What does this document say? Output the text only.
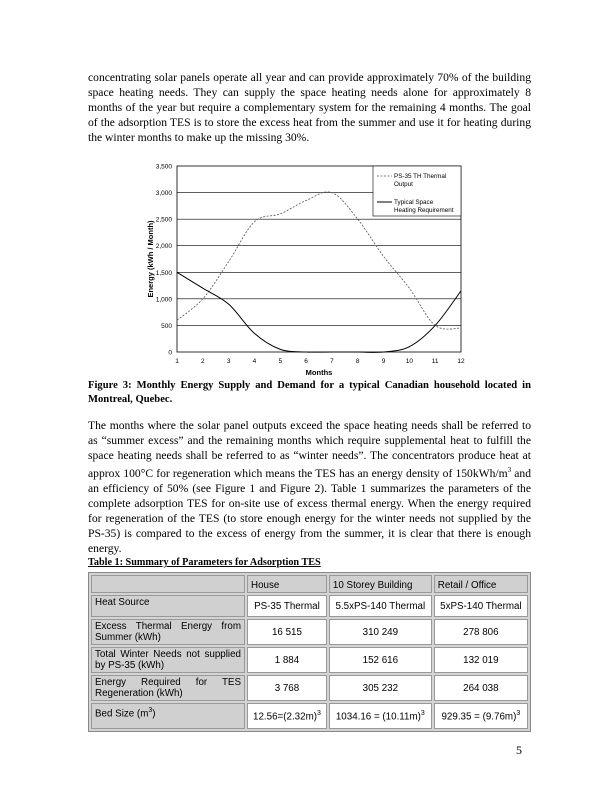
concentrating solar panels operate all year and can provide approximately 70% of the building space heating needs. They can supply the space heating needs alone for approximately 8 months of the year but require a complementary system for the remaining 4 months. The goal of the adsorption TES is to store the excess heat from the summer and use it for heating during the winter months to make up the missing 30%.

0
500
1,000
1,500
2,000
2,500
3,000
3,500
1	2	3	4	5	6	7	8	9	10	11	12
Energy (kWh / Month)
Months
PS-35 TH Thermal
Output
Typical Space
Heating Requirement

Figure 3: Monthly Energy Supply and Demand for a typical Canadian household located in Montreal, Quebec.

The months where the solar panel outputs exceed the space heating needs shall be referred to as “summer excess” and the remaining months which require supplemental heat to fulfill the space heating needs shall be referred to as “winter needs”. The concentrators produce heat at approx 100°C for regeneration which means the TES has an energy density of $150kWh/m^3$ and an efficiency of 50% (see Figure 1 and Figure 2). Table 1 summarizes the parameters of the complete adsorption TES for on-site use of excess thermal energy. When the energy required for regeneration of the TES (to store enough energy for the winter needs not supplied by the PS-35) is compared to the excess of energy from the summer, it is clear that there is enough energy.

Table 1: Summary of Parameters for Adsorption TES

	House	10 Storey Building	Retail / Office
Heat Source	PS-35 Thermal	5.5xPS-140 Thermal	5xPS-140 Thermal
Excess Thermal Energy from Summer (kWh)	16 515	310 249	278 806
Total Winter Needs not supplied by PS-35 (kWh)	1 884	152 616	132 019
Energy Required for TES Regeneration (kWh)	3 768	305 232	264 038
Bed Size $(m^3)$	$12.56=(2.32m)^3$	$1034.16 = (10.11m)^3$	$929.35 = (9.76m)^3$
5
